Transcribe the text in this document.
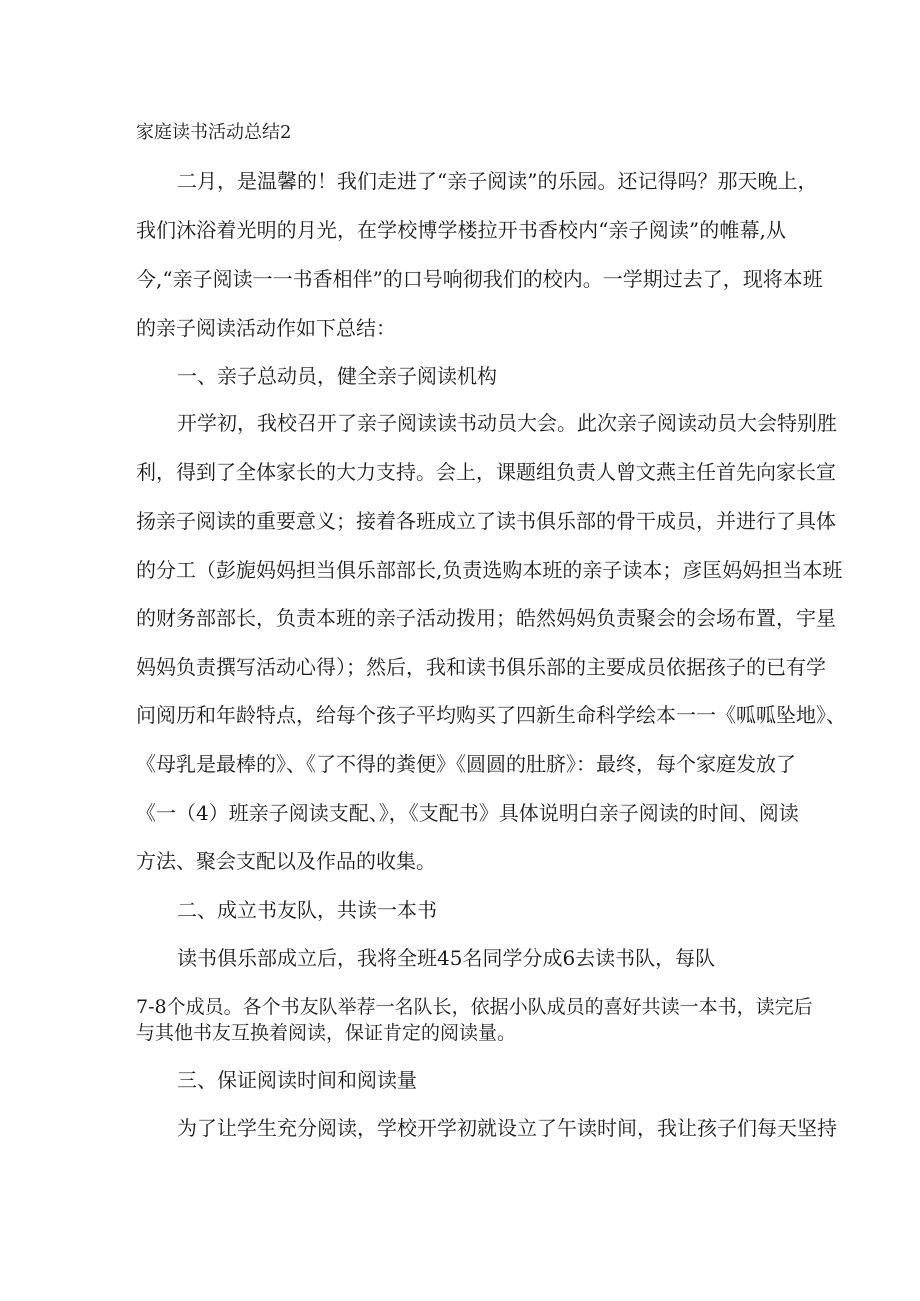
家庭读书活动总结2
二月，是温馨的！我们走进了“亲子阅读”的乐园。还记得吗？那天晚上，
我们沐浴着光明的月光，在学校博学楼拉开书香校内“亲子阅读”的帷幕,从
今,“亲子阅读一一书香相伴”的口号响彻我们的校内。一学期过去了，现将本班
的亲子阅读活动作如下总结：
一、亲子总动员，健全亲子阅读机构
开学初，我校召开了亲子阅读读书动员大会。此次亲子阅读动员大会特别胜
利，得到了全体家长的大力支持。会上，课题组负责人曾文燕主任首先向家长宣
扬亲子阅读的重要意义；接着各班成立了读书俱乐部的骨干成员，并进行了具体
的分工（彭旎妈妈担当俱乐部部长,负责选购本班的亲子读本；彦匡妈妈担当本班
的财务部部长，负责本班的亲子活动拨用；皓然妈妈负责聚会的会场布置，宇星
妈妈负责撰写活动心得）；然后，我和读书俱乐部的主要成员依据孩子的已有学
问阅历和年龄特点，给每个孩子平均购买了四新生命科学绘本一一《呱呱坠地》、
《母乳是最棒的》、《了不得的粪便》《圆圆的肚脐》：最终，每个家庭发放了
《一（4）班亲子阅读支配、》，《支配书》具体说明白亲子阅读的时间、阅读
方法、聚会支配以及作品的收集。
二、成立书友队，共读一本书
读书俱乐部成立后，我将全班45名同学分成6去读书队，每队
7-8个成员。各个书友队举荐一名队长，依据小队成员的喜好共读一本书，读完后
与其他书友互换着阅读，保证肯定的阅读量。
三、保证阅读时间和阅读量
为了让学生充分阅读，学校开学初就设立了午读时间，我让孩子们每天坚持
